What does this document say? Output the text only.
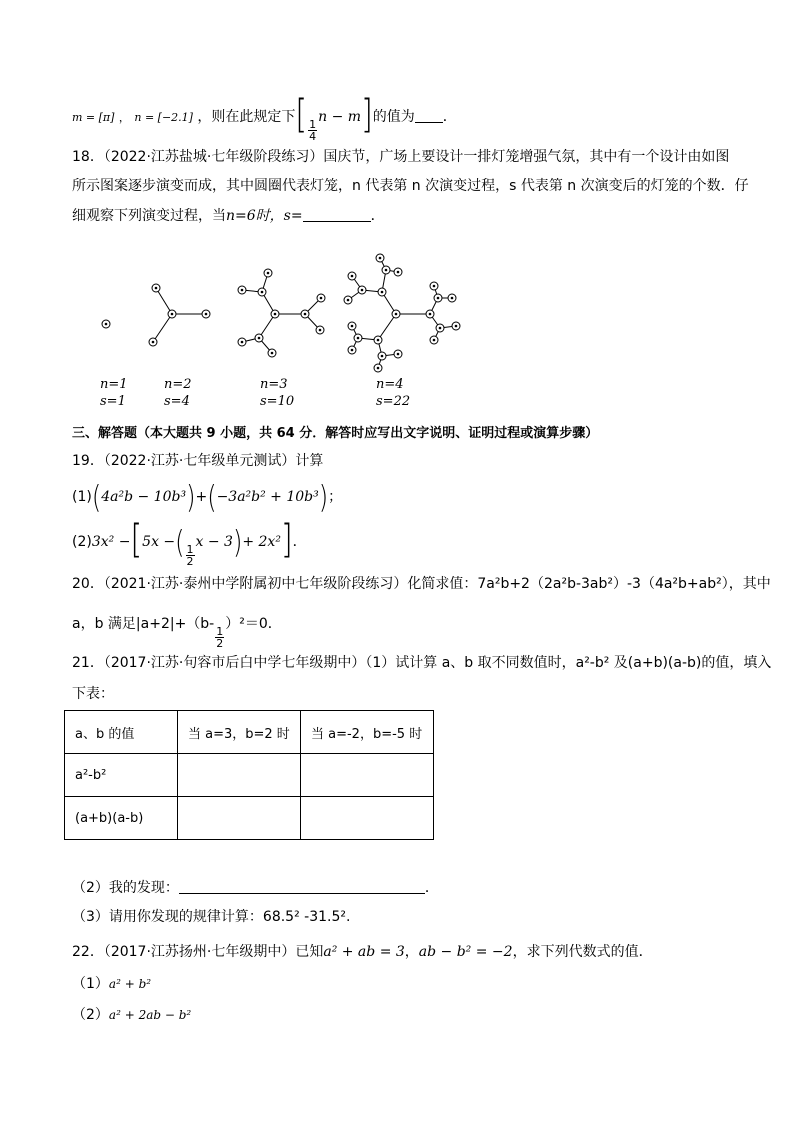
m = [π] ， n = [−2.1] ，则在此规定下[ $\frac{1}{4}$
n − m]的值为 ．
18．（2022·江苏盐城·七年级阶段练习）国庆节，广场上要设计一排灯笼增强气氛，其中有一个设计由如图
所示图案逐步演变而成，其中圆圈代表灯笼，n 代表第 n 次演变过程，s 代表第 n 次演变后的灯笼的个数．仔
细观察下列演变过程，当n=6时，s=	．
n=1
s=1
n=2
s=4
n=3
s=10
n=4
s=22
三、解答题（本大题共 9 小题，共 64 分．解答时应写出文字说明、证明过程或演算步骤）
19．（2022·江苏·七年级单元测试）计算
(1)(4a²b − 10b³)+(−3a²b² + 10b³)；
(2)3x² −[5x −( $\frac{1}{2}$
x − 3)+ 2x²]．
20．（2021·江苏·泰州中学附属初中七年级阶段练习）化简求值：7a²b+2（2a²b-3ab²）-3（4a²b+ab²），其中
a，b 满足|a+2|+（b-
$\frac{1}{2}$
）²＝0．
21．（2017·江苏·句容市后白中学七年级期中）（1）试计算 a、b 取不同数值时，a²-b² 及(a+b)(a-b)的值，填入
下表：
a、b 的值	当 a=3，b=2 时	当 a=-2，b=-5 时
a²-b²		
(a+b)(a-b)		
（2）我的发现：	．
（3）请用你发现的规律计算：68.5² -31.5².
22．（2017·江苏扬州·七年级期中）已知a² + ab = 3，ab − b² = −2，求下列代数式的值．
（1）a² + b²
（2）a² + 2ab − b²
